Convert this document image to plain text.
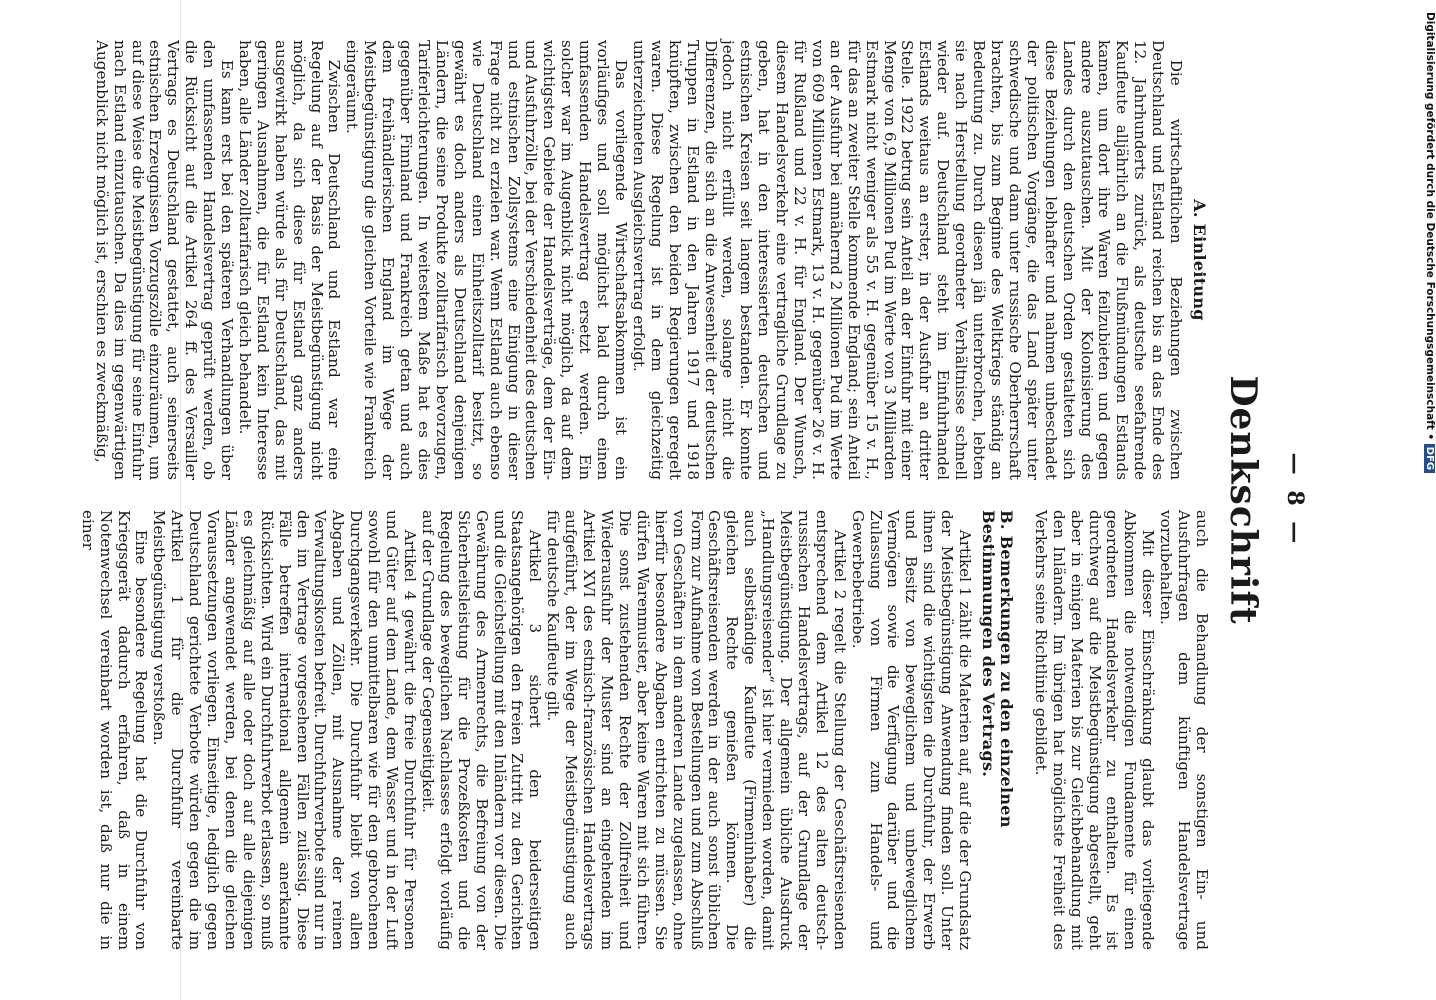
— 8 —
Denkschrift
A. Einleitung

Die wirtschaftlichen Beziehungen zwischen Deutschland und Estland reichen bis an das Ende des 12. Jahrhunderts zurück, als deutsche seefahrende Kaufleute alljährlich an die Flußmündungen Estlands kamen, um dort ihre Waren feilzubieten und gegen andere auszutauschen. Mit der Kolonisierung des Landes durch den deutschen Orden gestalteten sich diese Beziehungen lebhafter und nahmen unbeschadet der politischen Vorgänge, die das Land später unter schwedische und dann unter russische Oberherrschaft brachten, bis zum Beginne des Weltkriegs ständig an Bedeutung zu. Durch diesen jäh unterbrochen, lebten sie nach Herstellung geordneter Verhältnisse schnell wieder auf. Deutschland steht im Einfuhrhandel Estlands weitaus an erster, in der Ausfuhr an dritter Stelle. 1922 betrug sein Anteil an der Einfuhr mit einer Menge von 6,9 Millionen Pud im Werte von 3 Milliarden Estmark nicht weniger als 55 v. H. gegenüber 15 v. H., für das an zweiter Stelle kommende England; sein Anteil an der Ausfuhr bei annähernd 2 Millionen Pud im Werte von 609 Millionen Estmark, 13 v. H. gegenüber 26 v. H. für Rußland und 22 v. H. für England. Der Wunsch, diesem Handelsverkehr eine vertragliche Grundlage zu geben, hat in den interessierten deutschen und estnischen Kreisen seit langem bestanden. Er konnte jedoch nicht erfüllt werden, solange nicht die Differenzen, die sich an die Anwesenheit der deutschen Truppen in Estland in den Jahren 1917 und 1918 knüpften, zwischen den beiden Regierungen geregelt waren. Diese Regelung ist in dem gleichzeitig unterzeichneten Ausgleichsvertrag erfolgt.

Das vorliegende Wirtschaftsabkommen ist ein vorläufiges und soll möglichst bald durch einen umfassenden Handelsvertrag ersetzt werden. Ein solcher war im Augenblick nicht möglich, da auf dem wichtigsten Gebiete der Handelsverträge, dem der Ein- und Ausfuhrzölle, bei der Verschiedenheit des deutschen und estnischen Zollsystems eine Einigung in dieser Frage nicht zu erzielen war. Wenn Estland auch ebenso wie Deutschland einen Einheitszolltarif besitzt, so gewährt es doch anders als Deutschland denjenigen Ländern, die seine Produkte zolltarifarisch bevorzugen, Tariferleichterungen. In weitestem Maße hat es dies gegenüber Finnland und Frankreich getan und auch dem freihändlerischen England im Wege der Meistbegünstigung die gleichen Vorteile wie Frankreich eingeräumt.

Zwischen Deutschland und Estland war eine Regelung auf der Basis der Meistbegünstigung nicht möglich, da sich diese für Estland ganz anders ausgewirkt haben würde als für Deutschland, das mit geringen Ausnahmen, die für Estland kein Interesse haben, alle Länder zolltarifarisch gleich behandelt.

Es kann erst bei den späteren Verhandlungen über den umfassenden Handelsvertrag geprüft werden, ob die Rücksicht auf die Artikel 264 ff. des Versailler Vertrags es Deutschland gestattet, auch seinerseits estnischen Erzeugnissen Vorzugszölle einzuräumen, um auf diese Weise die Meistbegünstigung für seine Einfuhr nach Estland einzutauschen. Da dies im gegenwärtigen Augenblick nicht möglich ist, erschien es zweckmäßig,

auch die Behandlung der sonstigen Ein- und Ausfuhrfragen dem künftigen Handelsvertrage vorzubehalten.

Mit dieser Einschränkung glaubt das vorliegende Abkommen die notwendigen Fundamente für einen geordneten Handelsverkehr zu enthalten. Es ist durchweg auf die Meistbegünstigung abgestellt, geht aber in einigen Materien bis zur Gleichbehandlung mit den Inländern. Im übrigen hat möglichste Freiheit des Verkehrs seine Richtlinie gebildet.

B. Bemerkungen zu den einzelnen Bestimmungen des Vertrags.

Artikel 1 zählt die Materien auf, auf die der Grundsatz der Meistbegünstigung Anwendung finden soll. Unter ihnen sind die wichtigsten die Durchfuhr, der Erwerb und Besitz von beweglichem und unbeweglichem Vermögen sowie die Verfügung darüber und die Zulassung von Firmen zum Handels- und Gewerbebetriebe.

Artikel 2 regelt die Stellung der Geschäftsreisenden entsprechend dem Artikel 12 des alten deutsch-russischen Handelsvertrags, auf der Grundlage der Meistbegünstigung. Der allgemein übliche Ausdruck „Handlungsreisender“ ist hier vermieden worden, damit auch selbständige Kaufleute (Firmeninhaber) die gleichen Rechte genießen können. Die Geschäftsreisenden werden in der auch sonst üblichen Form zur Aufnahme von Bestellungen und zum Abschluß von Geschäften in dem anderen Lande zugelassen, ohne hierfür besondere Abgaben entrichten zu müssen. Sie dürfen Warenmuster, aber keine Waren mit sich führen. Die sonst zustehenden Rechte der Zollfreiheit und Wiederausfuhr der Muster sind an eingehenden im Artikel XVI des estnisch-französischen Handelsvertrags aufgeführt, der im Wege der Meistbegünstigung auch für deutsche Kaufleute gilt.

Artikel 3 sichert den beiderseitigen Staatsangehörigen den freien Zutritt zu den Gerichten und die Gleichstellung mit den Inländern vor diesen. Die Gewährung des Armenrechts, die Befreiung von der Sicherheitsleistung für die Prozeßkosten und die Regelung des beweglichen Nachlasses erfolgt vorläufig auf der Grundlage der Gegenseitigkeit.

Artikel 4 gewährt die freie Durchfuhr für Personen und Güter auf dem Lande, dem Wasser und in der Luft sowohl für den unmittelbaren wie für den gebrochenen Durchgangsverkehr. Die Durchfuhr bleibt von allen Abgaben und Zöllen, mit Ausnahme der reinen Verwaltungskosten befreit. Durchfuhrverbote sind nur in den im Vertrage vorgesehenen Fällen zulässig. Diese Fälle betreffen international allgemein anerkannte Rücksichten. Wird ein Durchfuhrverbot erlassen, so muß es gleichmäßig auf alle oder doch auf alle diejenigen Länder angewendet werden, bei denen die gleichen Voraussetzungen vorliegen. Einseitige, lediglich gegen Deutschland gerichtete Verbote würden gegen die im Artikel 1 für die Durchfuhr vereinbarte Meistbegünstigung verstoßen.

Eine besondere Regelung hat die Durchfuhr von Kriegsgerät dadurch erfahren, daß in einem Notenwechsel vereinbart worden ist, daß nur die in einer

Digitalisierung gefördert durch die Deutsche Forschungsgemeinschaft • DFG
